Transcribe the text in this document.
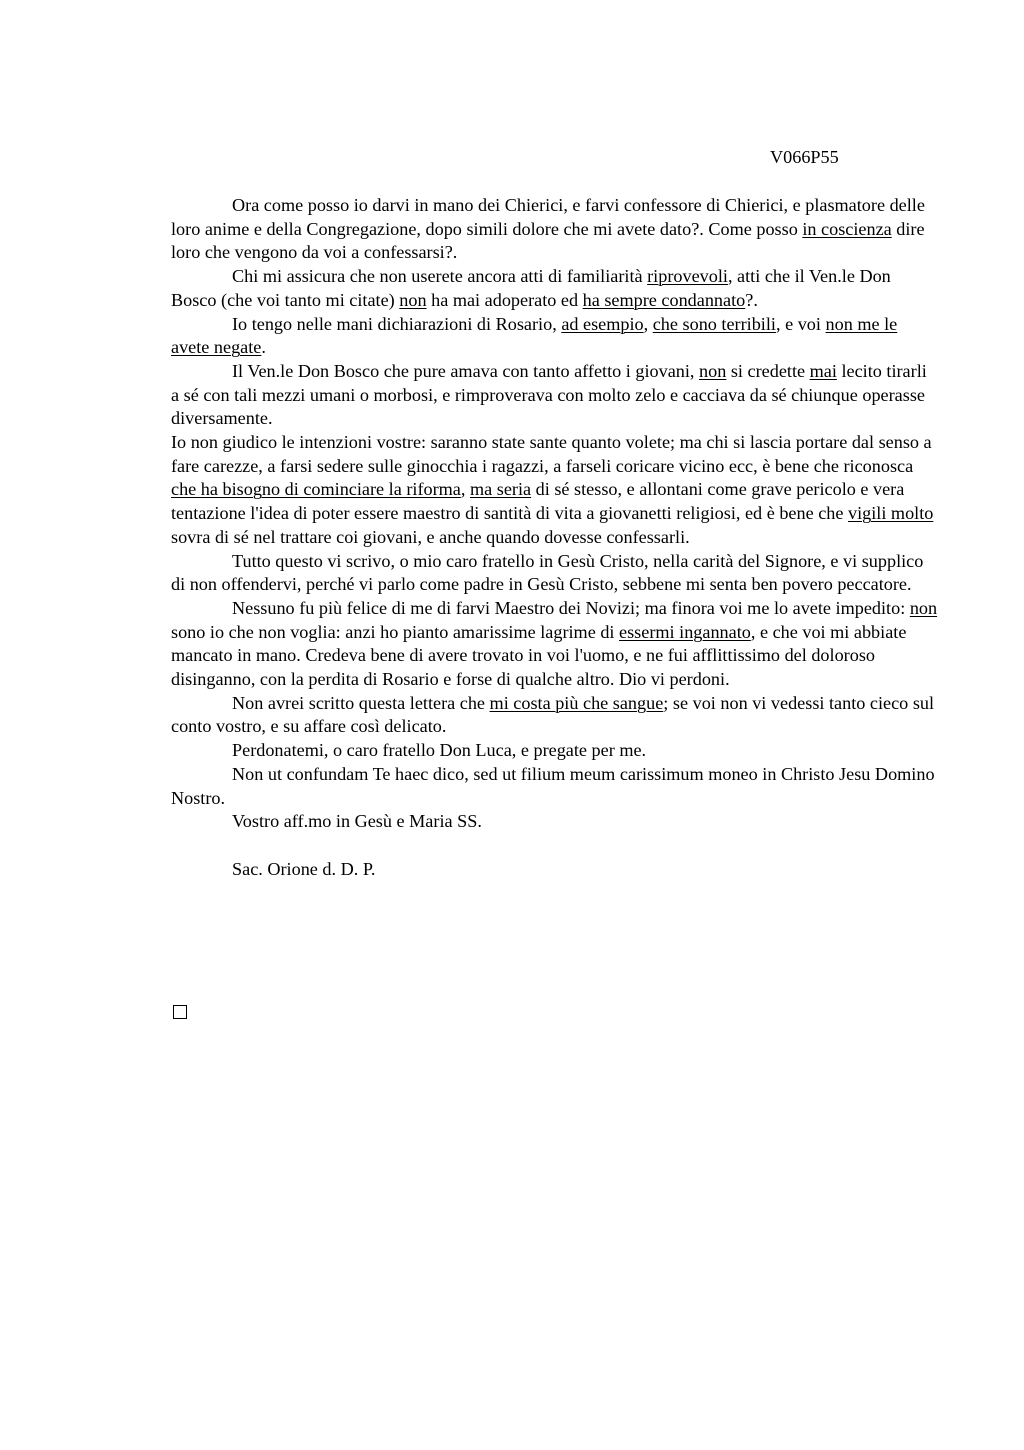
V066P55

Ora come posso io darvi in mano dei Chierici, e farvi confessore di Chierici, e plasmatore delle loro anime e della Congregazione, dopo simili dolore che mi avete dato?. Come posso in coscienza dire loro che vengono da voi a confessarsi?.

Chi mi assicura che non userete ancora atti di familiarità riprovevoli, atti che il Ven.le Don Bosco (che voi tanto mi citate) non ha mai adoperato ed ha sempre condannato?.

Io tengo nelle mani dichiarazioni di Rosario, ad esempio, che sono terribili, e voi non me le avete negate.

Il Ven.le Don Bosco che pure amava con tanto affetto i giovani, non si credette mai lecito tirarli a sé con tali mezzi umani o morbosi, e rimproverava con molto zelo e cacciava da sé chiunque operasse diversamente.

Io non giudico le intenzioni vostre: saranno state sante quanto volete; ma chi si lascia portare dal senso a fare carezze, a farsi sedere sulle ginocchia i ragazzi, a farseli coricare vicino ecc, è bene che riconosca che ha bisogno di cominciare la riforma, ma seria di sé stesso, e allontani come grave pericolo e vera tentazione l'idea di poter essere maestro di santità di vita a giovanetti religiosi, ed è bene che vigili molto sovra di sé nel trattare coi giovani, e anche quando dovesse confessarli.

Tutto questo vi scrivo, o mio caro fratello in Gesù Cristo, nella carità del Signore, e vi supplico di non offendervi, perché vi parlo come padre in Gesù Cristo, sebbene mi senta ben povero peccatore.

Nessuno fu più felice di me di farvi Maestro dei Novizi; ma finora voi me lo avete impedito: non sono io che non voglia: anzi ho pianto amarissime lagrime di essermi ingannato, e che voi mi abbiate mancato in mano. Credeva bene di avere trovato in voi l'uomo, e ne fui afflittissimo del doloroso disinganno, con la perdita di Rosario e forse di qualche altro. Dio vi perdoni.

Non avrei scritto questa lettera che mi costa più che sangue; se voi non vi vedessi tanto cieco sul conto vostro, e su affare così delicato.

Perdonatemi, o caro fratello Don Luca, e pregate per me.

Non ut confundam Te haec dico, sed ut filium meum carissimum moneo in Christo Jesu Domino Nostro.

Vostro aff.mo in Gesù e Maria SS.

Sac. Orione d. D. P.
